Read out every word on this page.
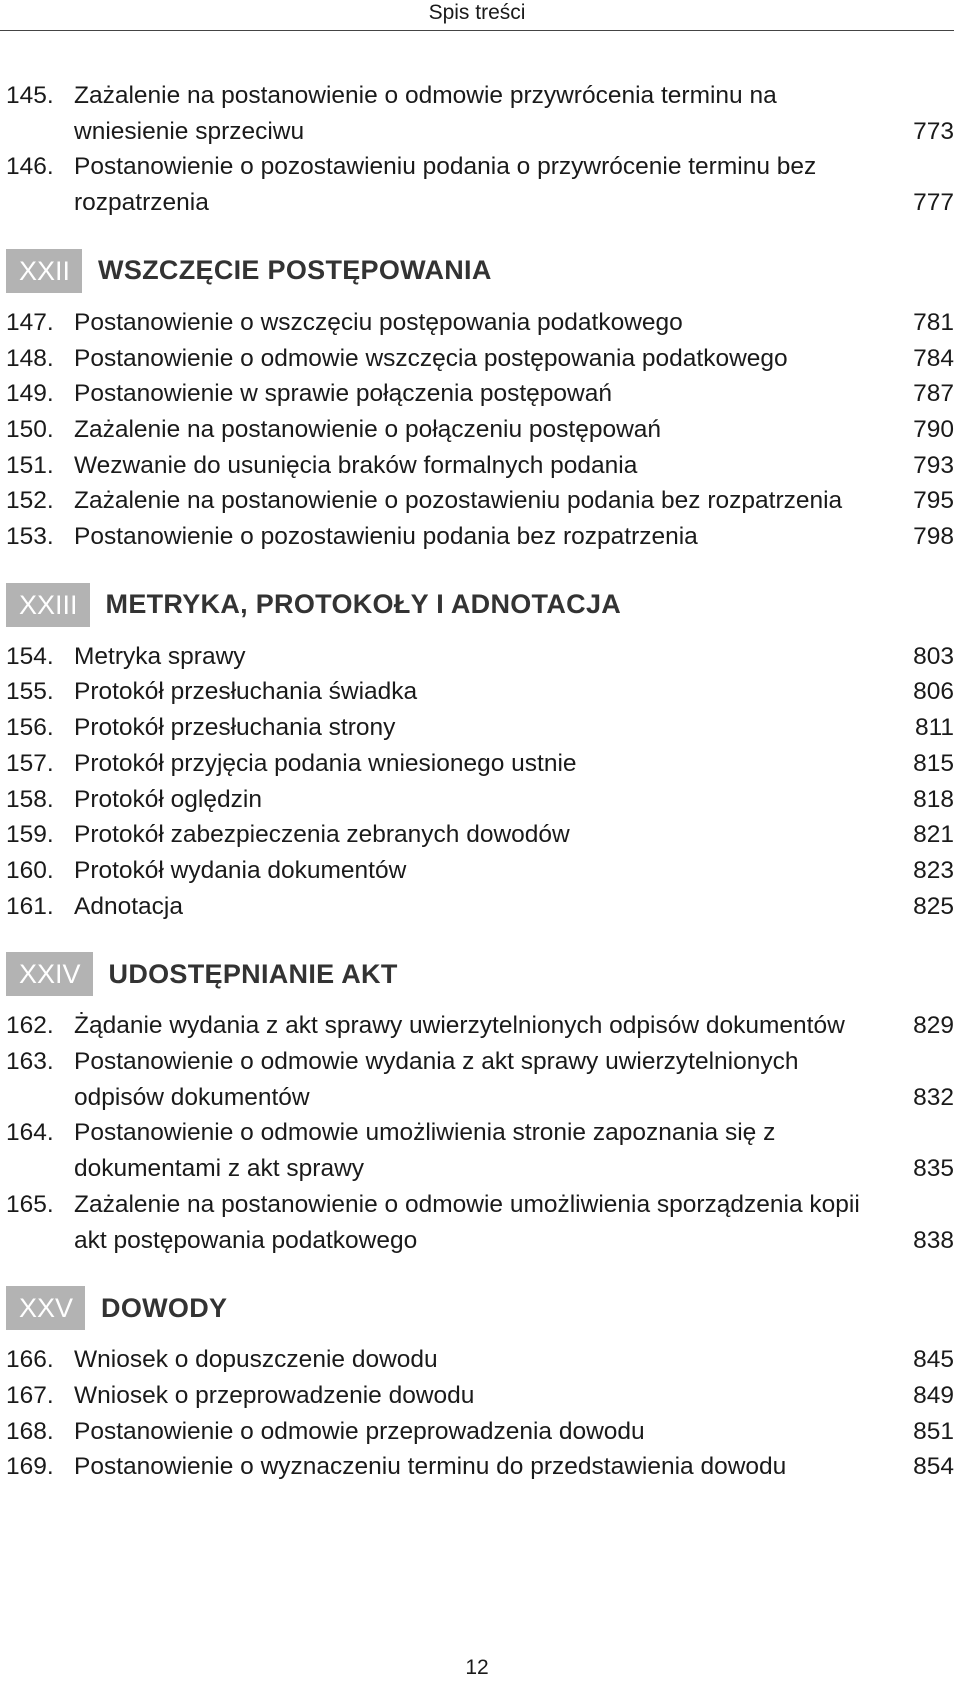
Spis treści
145. Zażalenie na postanowienie o odmowie przywrócenia terminu na wniesienie sprzeciwu	773
146. Postanowienie o pozostawieniu podania o przywrócenie terminu bez rozpatrzenia	777
XXII	WSZCZĘCIE POSTĘPOWANIA
147. Postanowienie o wszczęciu postępowania podatkowego	781
148. Postanowienie o odmowie wszczęcia postępowania podatkowego	784
149. Postanowienie w sprawie połączenia postępowań	787
150. Zażalenie na postanowienie o połączeniu postępowań	790
151. Wezwanie do usunięcia braków formalnych podania	793
152. Zażalenie na postanowienie o pozostawieniu podania bez rozpatrzenia	795
153. Postanowienie o pozostawieniu podania bez rozpatrzenia	798
XXIII	METRYKA, PROTOKOŁY I ADNOTACJA
154. Metryka sprawy	803
155. Protokół przesłuchania świadka	806
156. Protokół przesłuchania strony	811
157. Protokół przyjęcia podania wniesionego ustnie	815
158. Protokół oględzin	818
159. Protokół zabezpieczenia zebranych dowodów	821
160. Protokół wydania dokumentów	823
161. Adnotacja	825
XXIV	UDOSTĘPNIANIE AKT
162. Żądanie wydania z akt sprawy uwierzytelnionych odpisów dokumentów	829
163. Postanowienie o odmowie wydania z akt sprawy uwierzytelnionych odpisów dokumentów	832
164. Postanowienie o odmowie umożliwienia stronie zapoznania się z dokumentami z akt sprawy	835
165. Zażalenie na postanowienie o odmowie umożliwienia sporządzenia kopii akt postępowania podatkowego	838
XXV	DOWODY
166. Wniosek o dopuszczenie dowodu	845
167. Wniosek o przeprowadzenie dowodu	849
168. Postanowienie o odmowie przeprowadzenia dowodu	851
169. Postanowienie o wyznaczeniu terminu do przedstawienia dowodu	854
12
